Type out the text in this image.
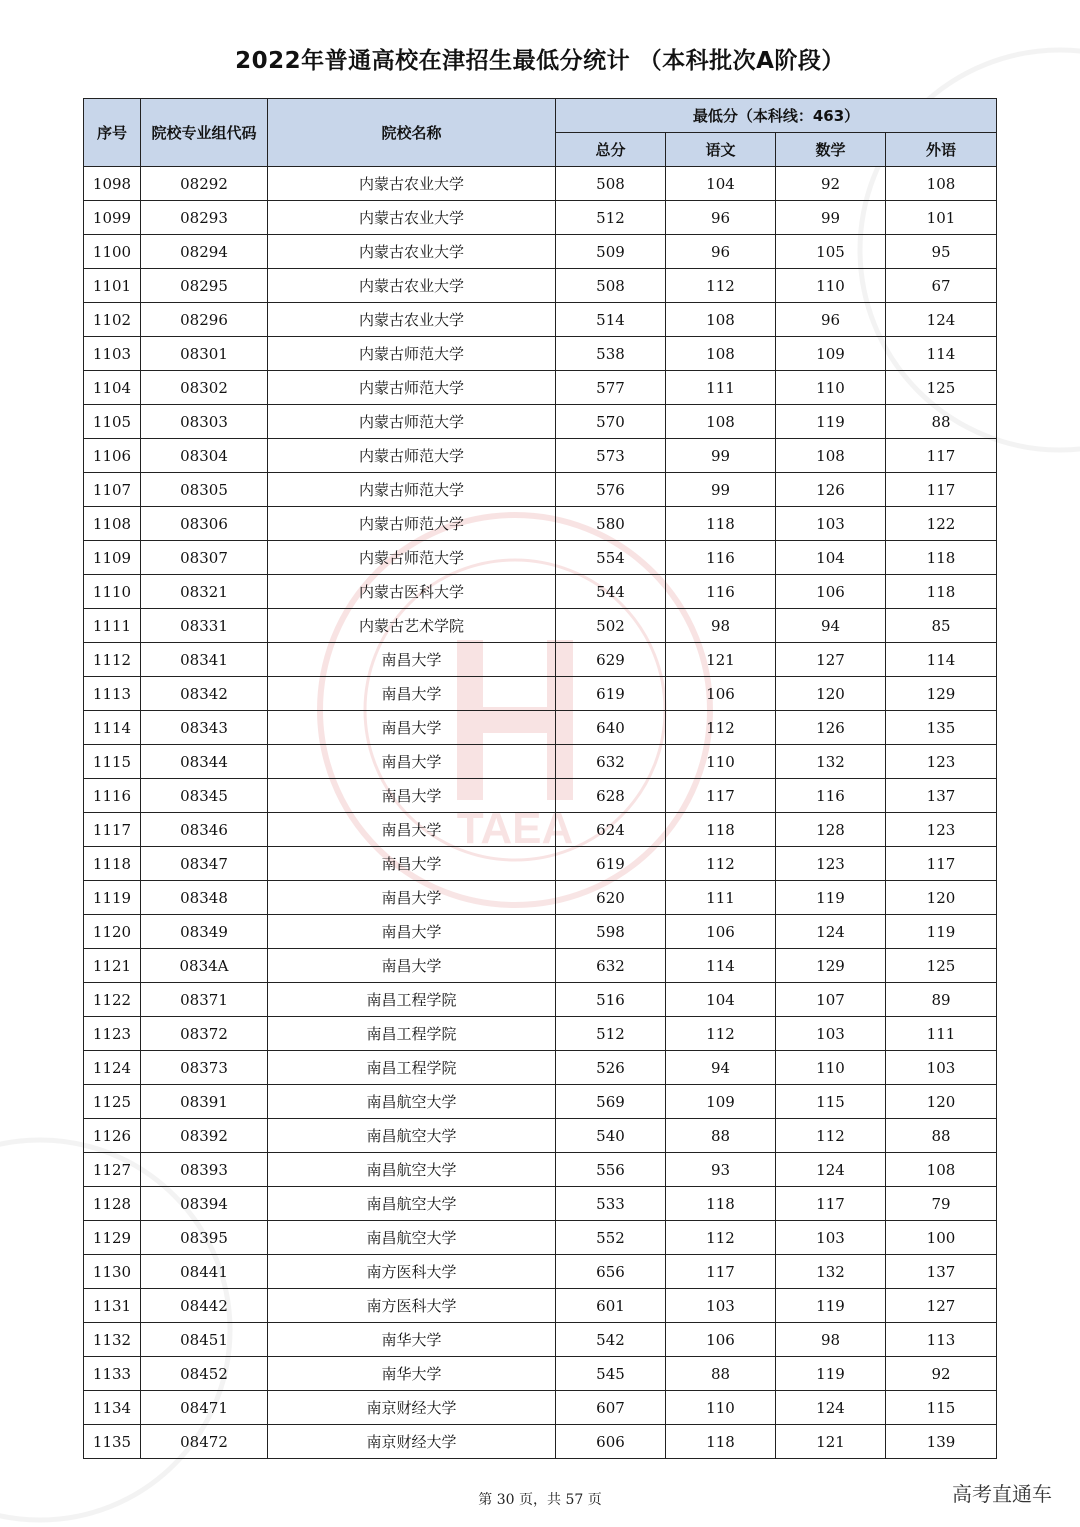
TAEA
2022年普通高校在津招生最低分统计 （本科批次A阶段）
序号	院校专业组代码	院校名称	最低分（本科线：463）			
			总分	语文	数学	外语
1098	08292	内蒙古农业大学	508	104	92	108
1099	08293	内蒙古农业大学	512	96	99	101
1100	08294	内蒙古农业大学	509	96	105	95
1101	08295	内蒙古农业大学	508	112	110	67
1102	08296	内蒙古农业大学	514	108	96	124
1103	08301	内蒙古师范大学	538	108	109	114
1104	08302	内蒙古师范大学	577	111	110	125
1105	08303	内蒙古师范大学	570	108	119	88
1106	08304	内蒙古师范大学	573	99	108	117
1107	08305	内蒙古师范大学	576	99	126	117
1108	08306	内蒙古师范大学	580	118	103	122
1109	08307	内蒙古师范大学	554	116	104	118
1110	08321	内蒙古医科大学	544	116	106	118
1111	08331	内蒙古艺术学院	502	98	94	85
1112	08341	南昌大学	629	121	127	114
1113	08342	南昌大学	619	106	120	129
1114	08343	南昌大学	640	112	126	135
1115	08344	南昌大学	632	110	132	123
1116	08345	南昌大学	628	117	116	137
1117	08346	南昌大学	624	118	128	123
1118	08347	南昌大学	619	112	123	117
1119	08348	南昌大学	620	111	119	120
1120	08349	南昌大学	598	106	124	119
1121	0834A	南昌大学	632	114	129	125
1122	08371	南昌工程学院	516	104	107	89
1123	08372	南昌工程学院	512	112	103	111
1124	08373	南昌工程学院	526	94	110	103
1125	08391	南昌航空大学	569	109	115	120
1126	08392	南昌航空大学	540	88	112	88
1127	08393	南昌航空大学	556	93	124	108
1128	08394	南昌航空大学	533	118	117	79
1129	08395	南昌航空大学	552	112	103	100
1130	08441	南方医科大学	656	117	132	137
1131	08442	南方医科大学	601	103	119	127
1132	08451	南华大学	542	106	98	113
1133	08452	南华大学	545	88	119	92
1134	08471	南京财经大学	607	110	124	115
1135	08472	南京财经大学	606	118	121	139
第 30 页，共 57 页	高考直通车
